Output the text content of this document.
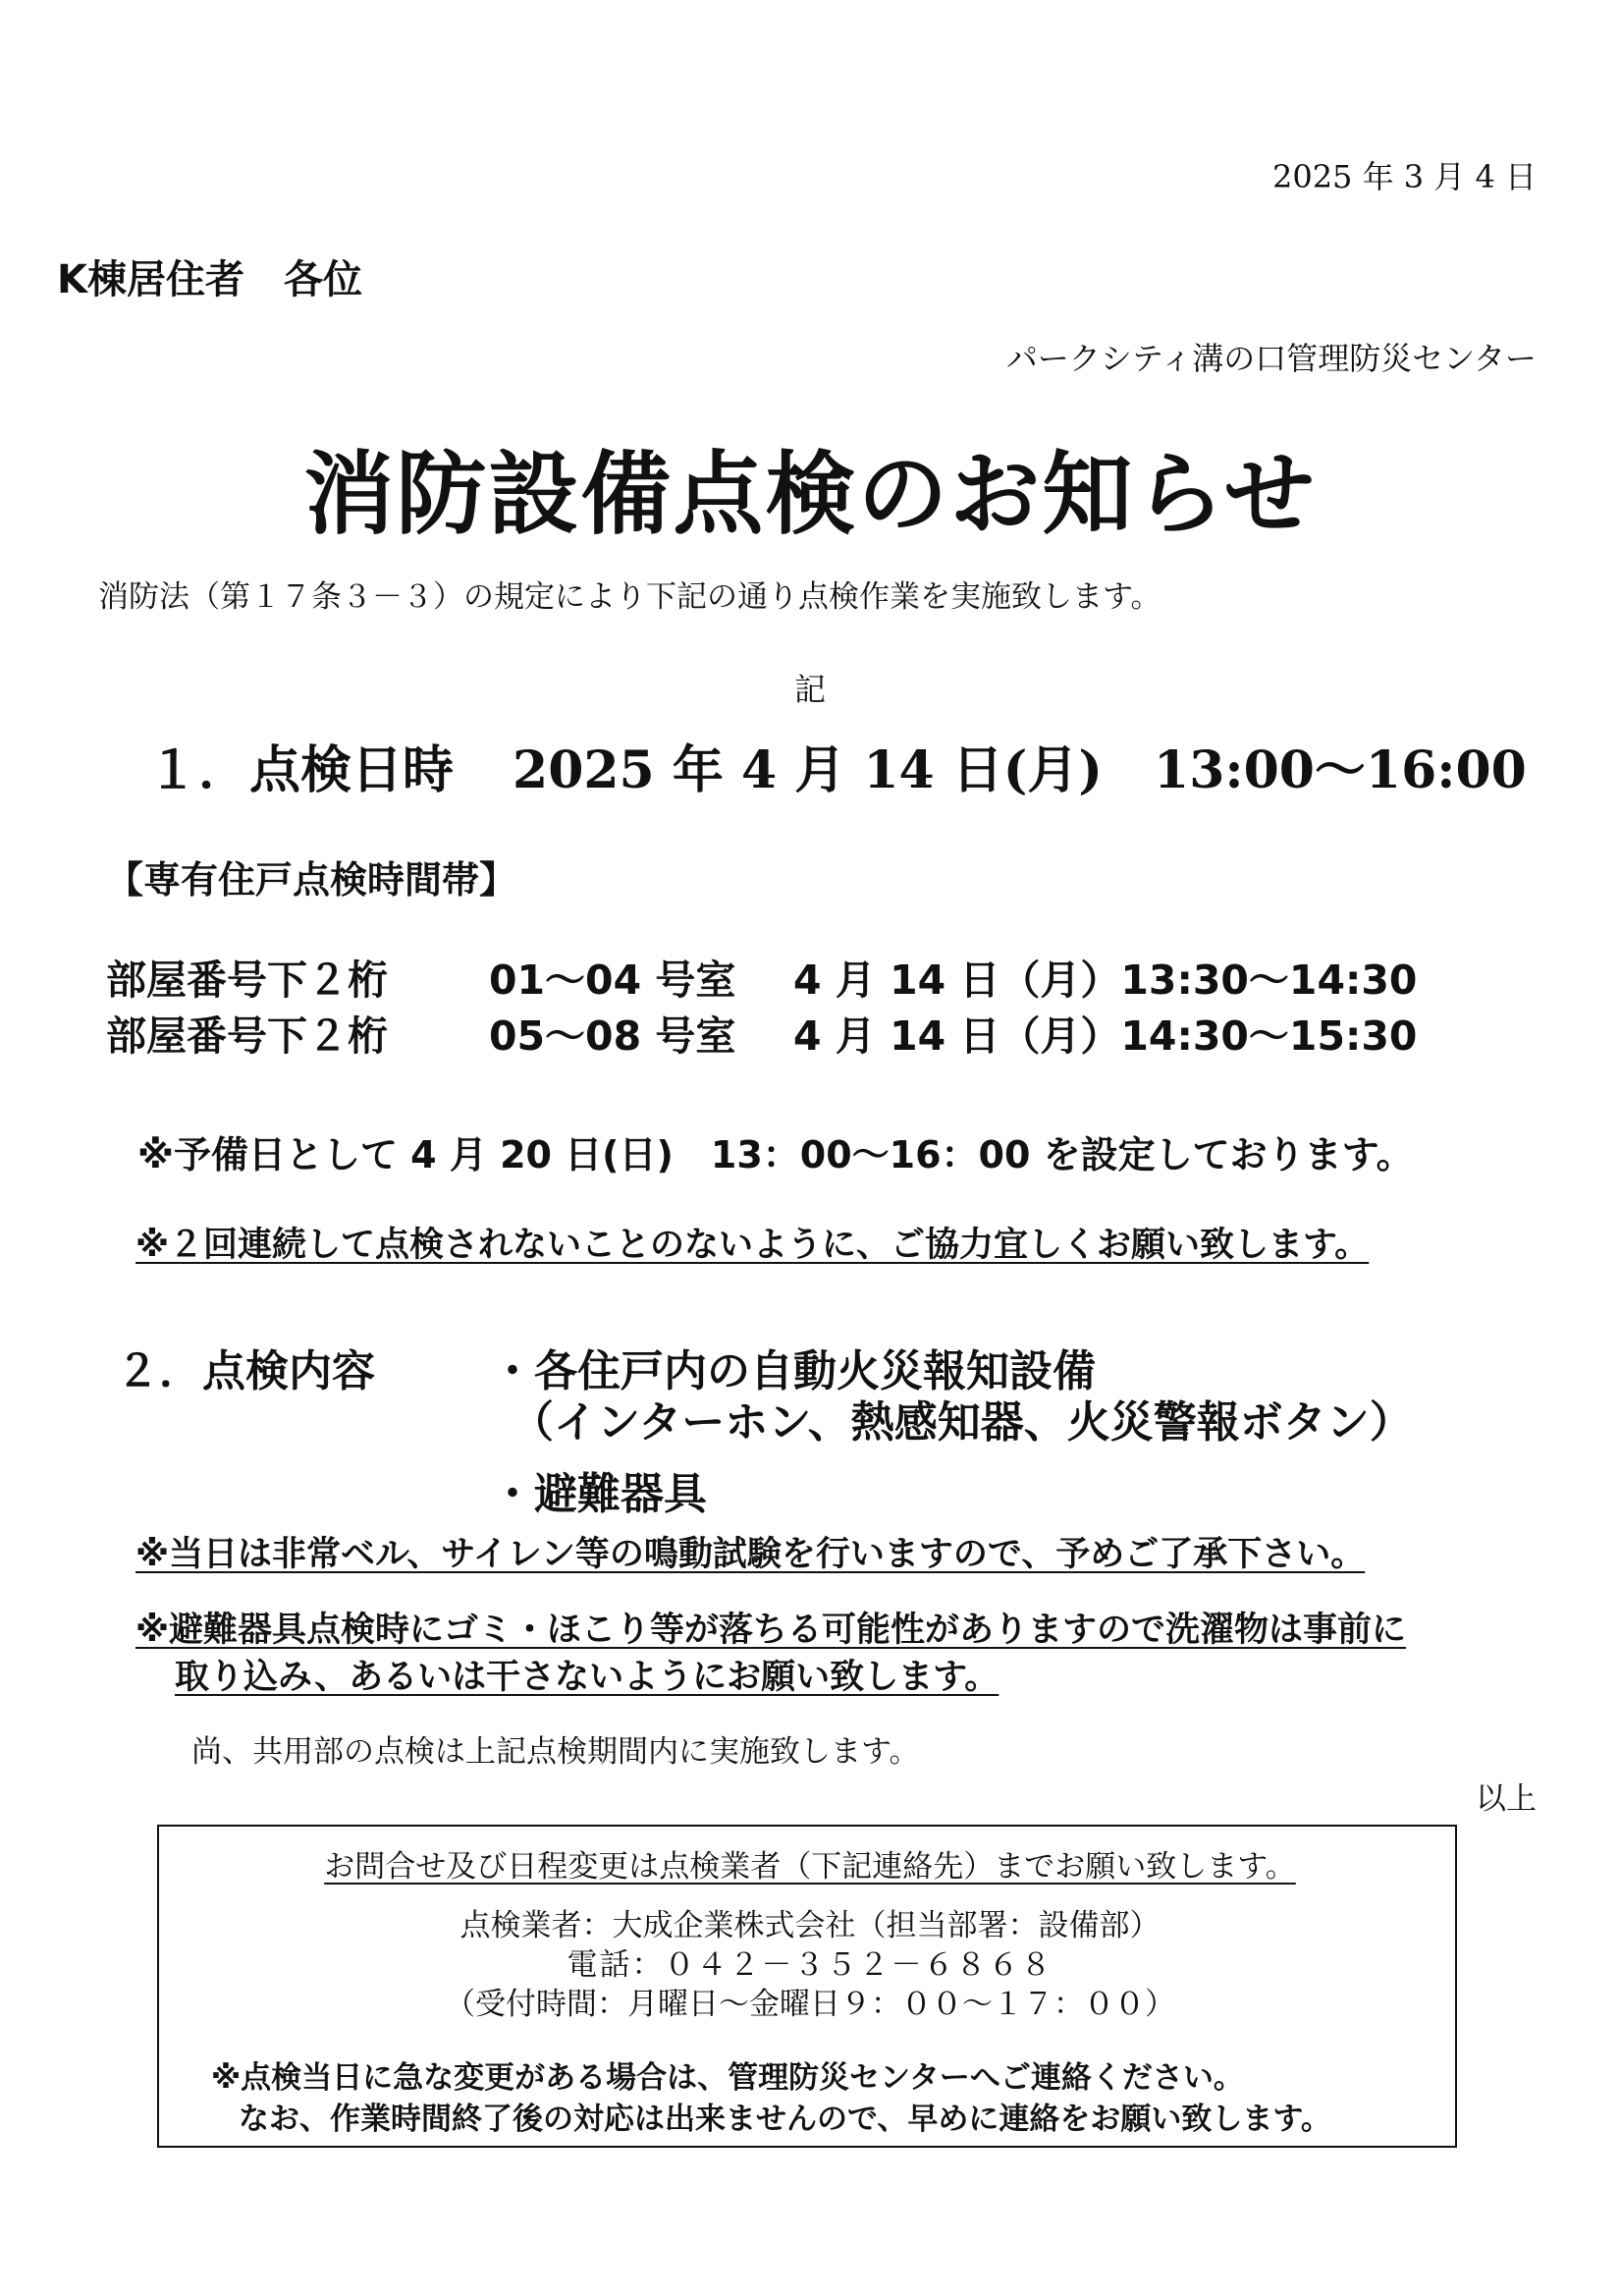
2025 年 3 月 4 日
K棟居住者　各位
パークシティ溝の口管理防災センター
消防設備点検のお知らせ
消防法（第１７条３－３）の規定により下記の通り点検作業を実施致します。
記
１．点検日時 2025 年 4 月 14 日(月)　13:00～16:00
【専有住戸点検時間帯】
部屋番号下２桁	01～04 号室 4 月 14 日（月）13:30～14:30
部屋番号下２桁	05～08 号室 4 月 14 日（月）14:30～15:30
※予備日として 4 月 20 日(日)　13：00～16：00 を設定しております。
※２回連続して点検されないことのないように、ご協力宜しくお願い致します。
２．点検内容	・各住戸内の自動火災報知設備
（インターホン、熱感知器、火災警報ボタン）
・避難器具
※当日は非常ベル、サイレン等の鳴動試験を行いますので、予めご了承下さい。
※避難器具点検時にゴミ・ほこり等が落ちる可能性がありますので洗濯物は事前に
取り込み、あるいは干さないようにお願い致します。
尚、共用部の点検は上記点検期間内に実施致します。
以上
お問合せ及び日程変更は点検業者（下記連絡先）までお願い致します。
点検業者：大成企業株式会社（担当部署：設備部）
電話：０４２－３５２－６８６８
（受付時間：月曜日～金曜日９：００～１７：００）
※点検当日に急な変更がある場合は、管理防災センターへご連絡ください。
なお、作業時間終了後の対応は出来ませんので、早めに連絡をお願い致します。
